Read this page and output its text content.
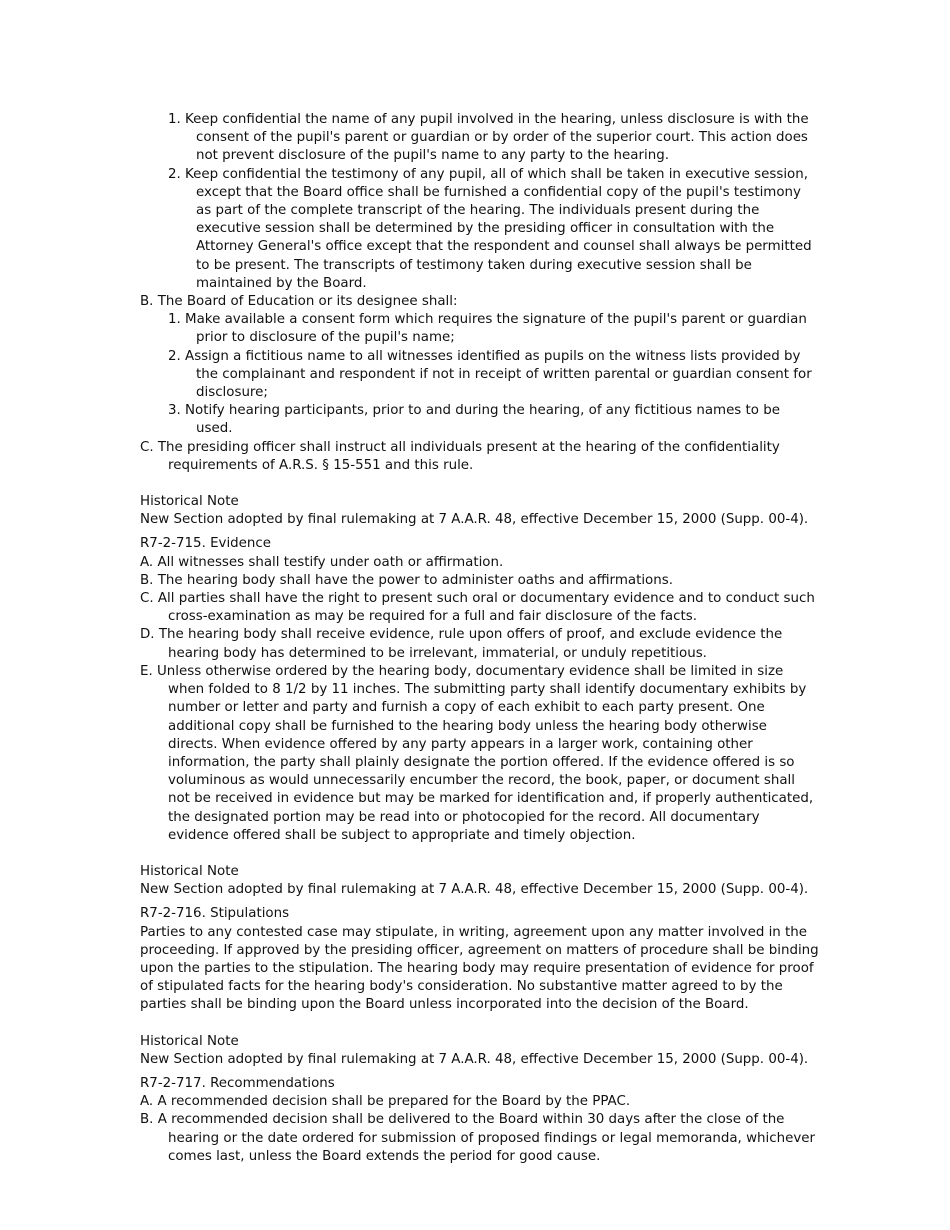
1. Keep confidential the name of any pupil involved in the hearing, unless disclosure is with the consent of the pupil's parent or guardian or by order of the superior court. This action does not prevent disclosure of the pupil's name to any party to the hearing.

2. Keep confidential the testimony of any pupil, all of which shall be taken in executive session, except that the Board office shall be furnished a confidential copy of the pupil's testimony as part of the complete transcript of the hearing. The individuals present during the executive session shall be determined by the presiding officer in consultation with the Attorney General's office except that the respondent and counsel shall always be permitted to be present. The transcripts of testimony taken during executive session shall be maintained by the Board.

B. The Board of Education or its designee shall:

1. Make available a consent form which requires the signature of the pupil's parent or guardian prior to disclosure of the pupil's name;

2. Assign a fictitious name to all witnesses identified as pupils on the witness lists provided by the complainant and respondent if not in receipt of written parental or guardian consent for disclosure;

3. Notify hearing participants, prior to and during the hearing, of any fictitious names to be used.

C. The presiding officer shall instruct all individuals present at the hearing of the confidentiality requirements of A.R.S. § 15-551 and this rule.

Historical Note

New Section adopted by final rulemaking at 7 A.A.R. 48, effective December 15, 2000 (Supp. 00-4).

R7-2-715. Evidence

A. All witnesses shall testify under oath or affirmation.

B. The hearing body shall have the power to administer oaths and affirmations.

C. All parties shall have the right to present such oral or documentary evidence and to conduct such cross-examination as may be required for a full and fair disclosure of the facts.

D. The hearing body shall receive evidence, rule upon offers of proof, and exclude evidence the hearing body has determined to be irrelevant, immaterial, or unduly repetitious.

E. Unless otherwise ordered by the hearing body, documentary evidence shall be limited in size when folded to 8 1/2 by 11 inches. The submitting party shall identify documentary exhibits by number or letter and party and furnish a copy of each exhibit to each party present. One additional copy shall be furnished to the hearing body unless the hearing body otherwise directs. When evidence offered by any party appears in a larger work, containing other information, the party shall plainly designate the portion offered. If the evidence offered is so voluminous as would unnecessarily encumber the record, the book, paper, or document shall not be received in evidence but may be marked for identification and, if properly authenticated, the designated portion may be read into or photocopied for the record. All documentary evidence offered shall be subject to appropriate and timely objection.

Historical Note

New Section adopted by final rulemaking at 7 A.A.R. 48, effective December 15, 2000 (Supp. 00-4).

R7-2-716. Stipulations

Parties to any contested case may stipulate, in writing, agreement upon any matter involved in the proceeding. If approved by the presiding officer, agreement on matters of procedure shall be binding upon the parties to the stipulation. The hearing body may require presentation of evidence for proof of stipulated facts for the hearing body's consideration. No substantive matter agreed to by the parties shall be binding upon the Board unless incorporated into the decision of the Board.

Historical Note

New Section adopted by final rulemaking at 7 A.A.R. 48, effective December 15, 2000 (Supp. 00-4).

R7-2-717. Recommendations

A. A recommended decision shall be prepared for the Board by the PPAC.

B. A recommended decision shall be delivered to the Board within 30 days after the close of the hearing or the date ordered for submission of proposed findings or legal memoranda, whichever comes last, unless the Board extends the period for good cause.
